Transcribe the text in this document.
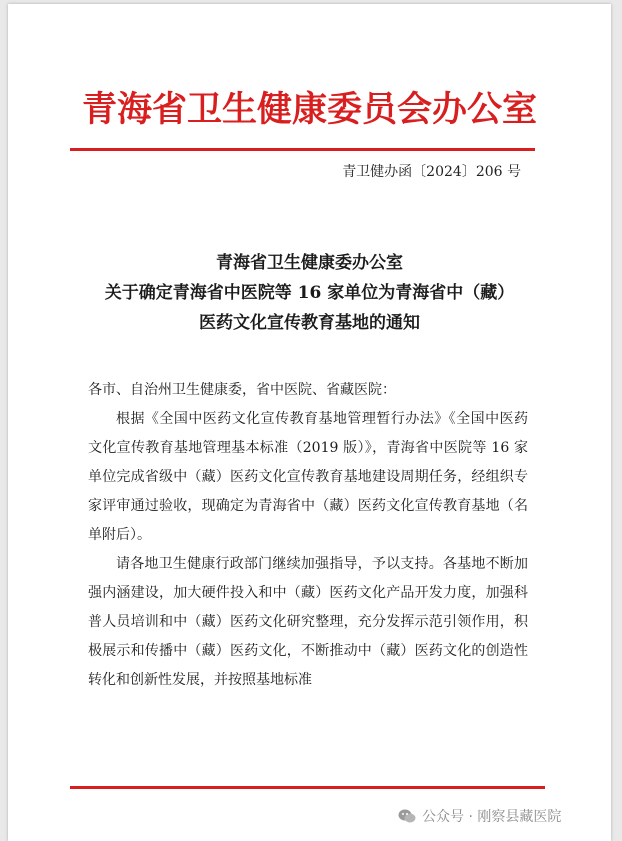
青海省卫生健康委员会办公室
青卫健办函〔2024〕206 号
青海省卫生健康委办公室
关于确定青海省中医院等 16 家单位为青海省中（藏）
医药文化宣传教育基地的通知

各市、自治州卫生健康委，省中医院、省藏医院：

根据《全国中医药文化宣传教育基地管理暂行办法》《全国中医药文化宣传教育基地管理基本标准（2019 版）》，青海省中医院等 16 家单位完成省级中（藏）医药文化宣传教育基地建设周期任务，经组织专家评审通过验收，现确定为青海省中（藏）医药文化宣传教育基地（名单附后）。

请各地卫生健康行政部门继续加强指导，予以支持。各基地不断加强内涵建设，加大硬件投入和中（藏）医药文化产品开发力度，加强科普人员培训和中（藏）医药文化研究整理，充分发挥示范引领作用，积极展示和传播中（藏）医药文化，不断推动中（藏）医药文化的创造性转化和创新性发展，并按照基地标准

公众号 · 刚察县藏医院
